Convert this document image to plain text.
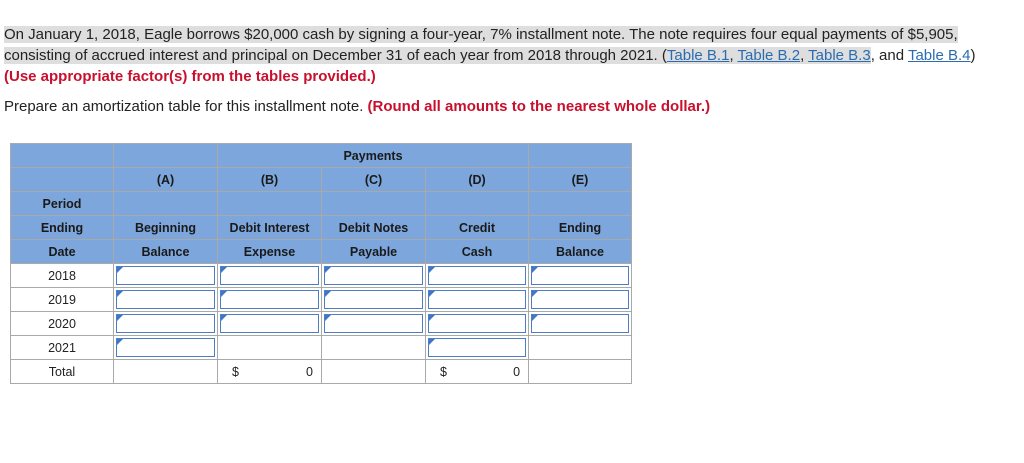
On January 1, 2018, Eagle borrows $20,000 cash by signing a four-year, 7% installment note. The note requires four equal payments of $5,905, consisting of accrued interest and principal on December 31 of each year from 2018 through 2021. (Table B.1, Table B.2, Table B.3, and Table B.4) (Use appropriate factor(s) from the tables provided.)
Prepare an amortization table for this installment note. (Round all amounts to the nearest whole dollar.)
		Payments			
	(A)	(B)	(C)	(D)	(E)
Period					
Ending	Beginning	Debit Interest	Debit Notes	Credit	Ending
Date	Balance	Expense	Payable	Cash	Balance
2018	

2019	

2020	

2021	

Total		$ 0		$ 0	
